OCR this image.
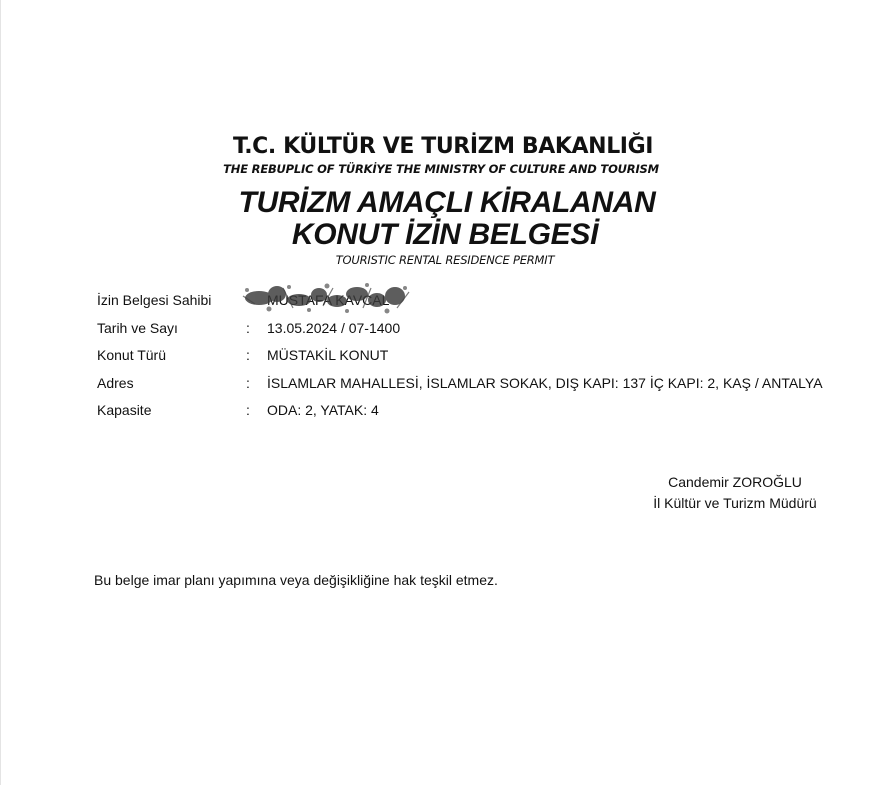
T.C. KÜLTÜR VE TURİZM BAKANLIĞI
THE REBUPLIC OF TÜRKİYE THE MINISTRY OF CULTURE AND TOURISM
TURİZM AMAÇLI KİRALANAN
KONUT İZİN BELGESİ
TOURISTIC RENTAL RESIDENCE PERMIT
İzin Belgesi Sahibi
Tarih ve Sayı	: 13.05.2024 / 07-1400
Konut Türü	: MÜSTAKİL KONUT
Adres	: İSLAMLAR MAHALLESİ, İSLAMLAR SOKAK, DIŞ KAPI: 137 İÇ KAPI: 2, KAŞ / ANTALYA
Kapasite	: ODA: 2, YATAK: 4
Candemir ZOROĞLU
İl Kültür ve Turizm Müdürü
Bu belge imar planı yapımına veya değişikliğine hak teşkil etmez.
